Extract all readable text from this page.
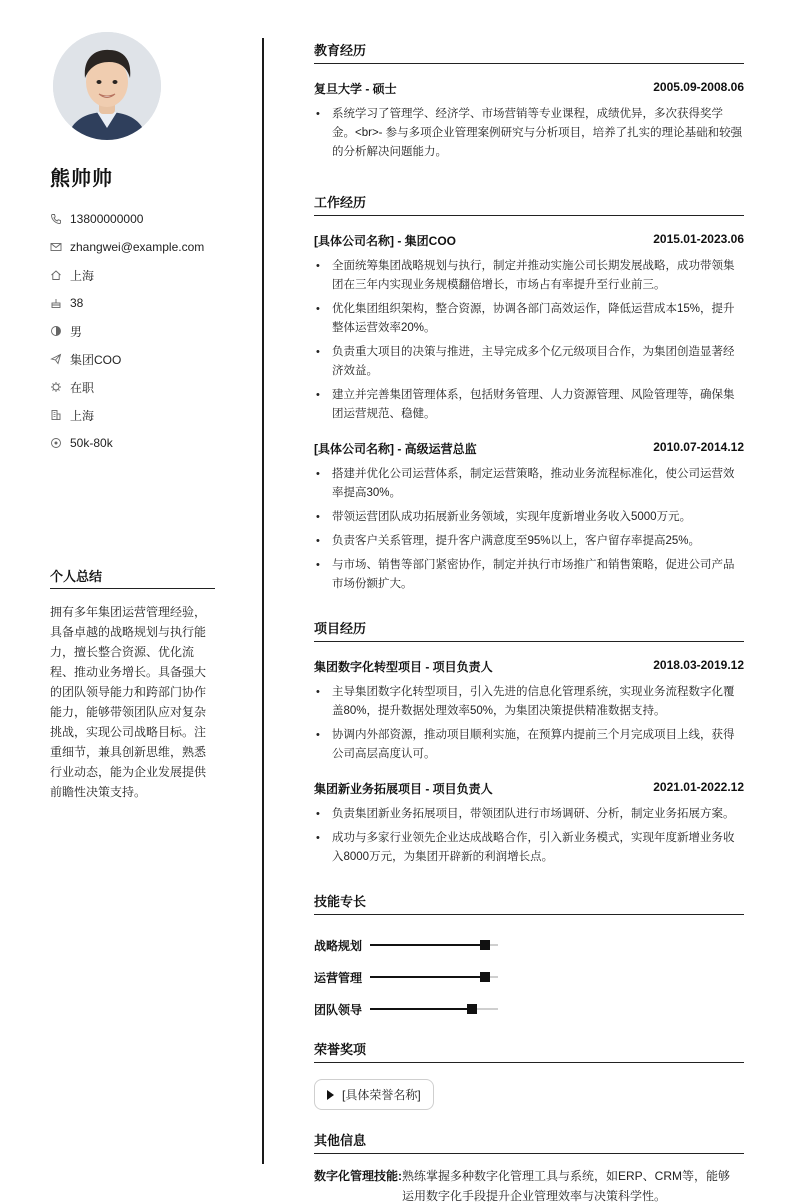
熊帅帅
13800000000
zhangwei@example.com
上海
38
男
集团COO
在职
上海
50k-80k
个人总结
拥有多年集团运营管理经验，具备卓越的战略规划与执行能力，擅长整合资源、优化流程、推动业务增长。具备强大的团队领导能力和跨部门协作能力，能够带领团队应对复杂挑战，实现公司战略目标。注重细节，兼具创新思维，熟悉行业动态，能为企业发展提供前瞻性决策支持。
教育经历
复旦大学 - 硕士	2005.09-2008.06
• 系统学习了管理学、经济学、市场营销等专业课程，成绩优异，多次获得奖学金。<br>- 参与多项企业管理案例研究与分析项目，培养了扎实的理论基础和较强的分析解决问题能力。
工作经历
[具体公司名称] - 集团COO	2015.01-2023.06
• 全面统筹集团战略规划与执行，制定并推动实施公司长期发展战略，成功带领集团在三年内实现业务规模翻倍增长，市场占有率提升至行业前三。
• 优化集团组织架构，整合资源，协调各部门高效运作，降低运营成本15%，提升整体运营效率20%。
• 负责重大项目的决策与推进，主导完成多个亿元级项目合作，为集团创造显著经济效益。
• 建立并完善集团管理体系，包括财务管理、人力资源管理、风险管理等，确保集团运营规范、稳健。
[具体公司名称] - 高级运营总监	2010.07-2014.12
• 搭建并优化公司运营体系，制定运营策略，推动业务流程标准化，使公司运营效率提高30%。
• 带领运营团队成功拓展新业务领域，实现年度新增业务收入5000万元。
• 负责客户关系管理，提升客户满意度至95%以上，客户留存率提高25%。
• 与市场、销售等部门紧密协作，制定并执行市场推广和销售策略，促进公司产品市场份额扩大。
项目经历
集团数字化转型项目 - 项目负责人	2018.03-2019.12
• 主导集团数字化转型项目，引入先进的信息化管理系统，实现业务流程数字化覆盖80%，提升数据处理效率50%，为集团决策提供精准数据支持。
• 协调内外部资源，推动项目顺利实施，在预算内提前三个月完成项目上线，获得公司高层高度认可。
集团新业务拓展项目 - 项目负责人	2021.01-2022.12
• 负责集团新业务拓展项目，带领团队进行市场调研、分析，制定业务拓展方案。
• 成功与多家行业领先企业达成战略合作，引入新业务模式，实现年度新增业务收入8000万元，为集团开辟新的利润增长点。
技能专长
战略规划
运营管理
团队领导
荣誉奖项
[具体荣誉名称]
其他信息
数字化管理技能: 熟练掌握多种数字化管理工具与系统，如ERP、CRM等，能够运用数字化手段提升企业管理效率与决策科学性。
